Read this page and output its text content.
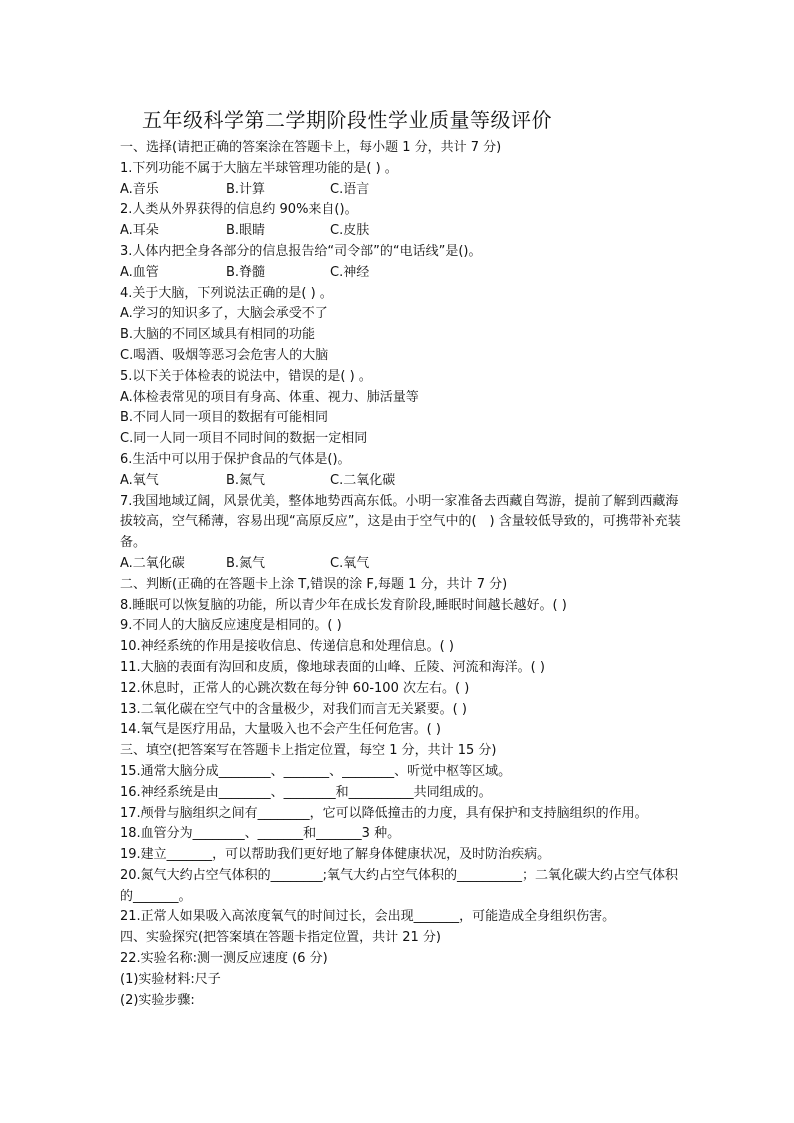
五年级科学第二学期阶段性学业质量等级评价
一、选择(请把正确的答案涂在答题卡上，每小题 1 分，共计 7 分)
1.下列功能不属于大脑左半球管理功能的是( ) 。
A.音乐	B.计算	C.语言
2.人类从外界获得的信息约 90%来自()。
A.耳朵	B.眼睛	C.皮肤
3.人体内把全身各部分的信息报告给“司令部”的“电话线”是()。
A.血管	B.脊髓	C.神经
4.关于大脑，下列说法正确的是( ) 。
A.学习的知识多了，大脑会承受不了
B.大脑的不同区域具有相同的功能
C.喝酒、吸烟等恶习会危害人的大脑
5.以下关于体检表的说法中，错误的是( ) 。
A.体检表常见的项目有身高、体重、视力、肺活量等
B.不同人同一项目的数据有可能相同
C.同一人同一项目不同时间的数据一定相同
6.生活中可以用于保护食品的气体是()。
A.氧气	B.氮气	C.二氧化碳
7.我国地域辽阔，风景优美，整体地势西高东低。小明一家准备去西藏自驾游，提前了解到西藏海拔较高，空气稀薄，容易出现“高原反应”，这是由于空气中的(　) 含量较低导致的，可携带补充装备。
A.二氧化碳	B.氮气	C.氧气
二、判断(正确的在答题卡上涂 T,错误的涂 F,每题 1 分，共计 7 分)
8.睡眠可以恢复脑的功能，所以青少年在成长发育阶段,睡眠时间越长越好。( )
9.不同人的大脑反应速度是相同的。( )
10.神经系统的作用是接收信息、传递信息和处理信息。( )
11.大脑的表面有沟回和皮质，像地球表面的山峰、丘陵、河流和海洋。( )
12.休息时，正常人的心跳次数在每分钟 60-100 次左右。( )
13.二氧化碳在空气中的含量极少，对我们而言无关紧要。( )
14.氧气是医疗用品，大量吸入也不会产生任何危害。( )
三、填空(把答案写在答题卡上指定位置，每空 1 分，共计 15 分)
15.通常大脑分成________、_______、________、听觉中枢等区域。
16.神经系统是由________、________和__________共同组成的。
17.颅骨与脑组织之间有________，它可以降低撞击的力度，具有保护和支持脑组织的作用。
18.血管分为________、_______和_______3 种。
19.建立_______，可以帮助我们更好地了解身体健康状况，及时防治疾病。
20.氮气大约占空气体积的________;氧气大约占空气体积的__________；二氧化碳大约占空气体积的_______。
21.正常人如果吸入高浓度氧气的时间过长，会出现_______，可能造成全身组织伤害。
四、实验探究(把答案填在答题卡指定位置，共计 21 分)
22.实验名称:测一测反应速度 (6 分)
(1)实验材料:尺子
(2)实验步骤:
